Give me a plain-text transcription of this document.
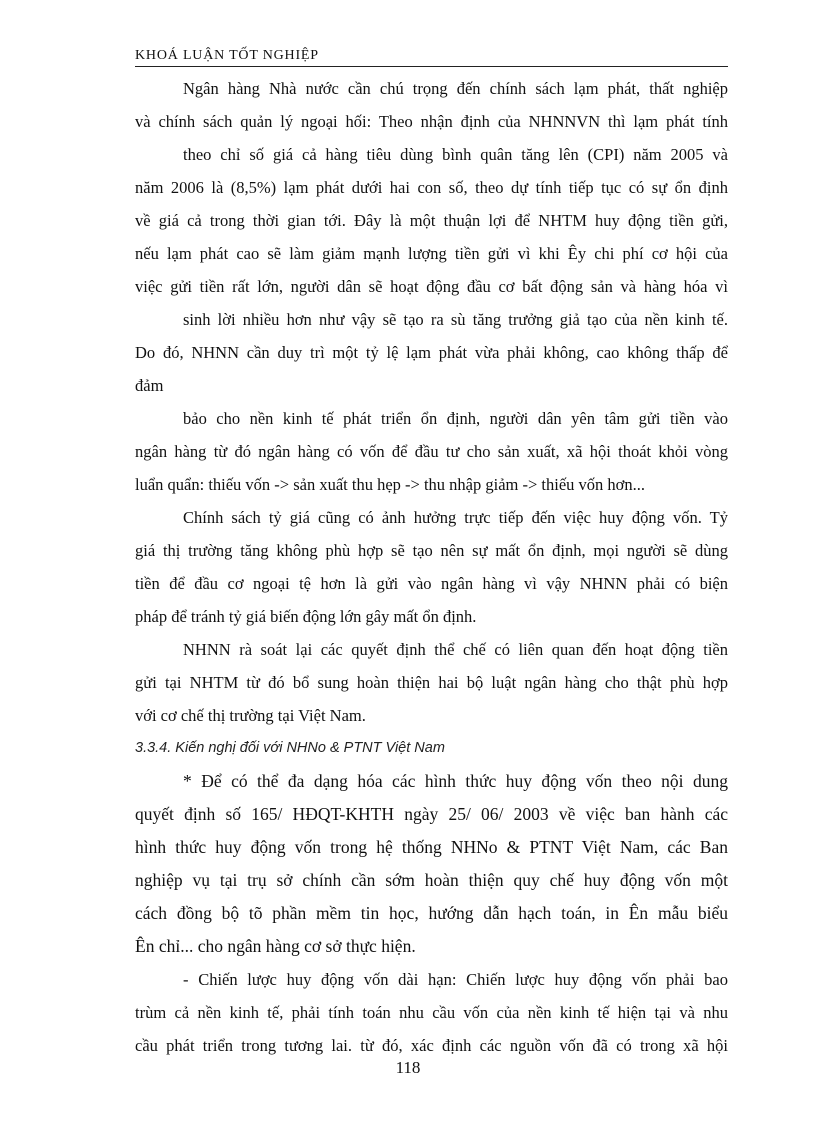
KHOÁ LUẬN TỐT NGHIỆP
Ngân hàng Nhà nước cần chú trọng đến chính sách lạm phát, thất nghiệp
và chính sách quản lý ngoại hối: Theo nhận định của NHNNVN thì lạm phát tính
theo chỉ số giá cả hàng tiêu dùng bình quân tăng lên (CPI) năm 2005 và
năm 2006 là (8,5%) lạm phát dưới hai con số, theo dự tính tiếp tục có sự ổn định
về giá cả trong thời gian tới. Đây là một thuận lợi để NHTM huy động tiền gửi,
nếu lạm phát cao sẽ làm giảm mạnh lượng tiền gửi vì khi Êy chi phí cơ hội của
việc gửi tiền rất lớn, người dân sẽ hoạt động đầu cơ bất động sản và hàng hóa vì
sinh lời nhiều hơn như vậy sẽ tạo ra sù tăng trưởng giả tạo của nền kinh tế.
Do đó, NHNN cần duy trì một tỷ lệ lạm phát vừa phải không, cao không thấp để
đảm
bảo cho nền kinh tế phát triển ổn định, người dân yên tâm gửi tiền vào
ngân hàng từ đó ngân hàng có vốn để đầu tư cho sản xuất, xã hội thoát khỏi vòng
luẩn quẩn: thiếu vốn -> sản xuất thu hẹp -> thu nhập giảm -> thiếu vốn hơn...
Chính sách tỷ giá cũng có ảnh hưởng trực tiếp đến việc huy động vốn. Tỷ
giá thị trường tăng không phù hợp sẽ tạo nên sự mất ổn định, mọi người sẽ dùng
tiền để đầu cơ ngoại tệ hơn là gửi vào ngân hàng vì vậy NHNN phải có biện
pháp để tránh tỷ giá biến động lớn gây mất ổn định.
NHNN rà soát lại các quyết định thể chế có liên quan đến hoạt động tiền
gửi tại NHTM từ đó bổ sung hoàn thiện hai bộ luật ngân hàng cho thật phù hợp
với cơ chế thị trường tại Việt Nam.
3.3.4. Kiến nghị đối với NHNo & PTNT Việt Nam
* Để có thể đa dạng hóa các hình thức huy động vốn theo nội dung
quyết định số 165/ HĐQT-KHTH ngày 25/ 06/ 2003 về việc ban hành các
hình thức huy động vốn trong hệ thống NHNo & PTNT Việt Nam, các Ban
nghiệp vụ tại trụ sở chính cần sớm hoàn thiện quy chế huy động vốn một
cách đồng bộ tõ phần mềm tin học, hướng dẫn hạch toán, in Ên mẫu biểu
Ên chỉ... cho ngân hàng cơ sở thực hiện.
- Chiến lược huy động vốn dài hạn: Chiến lược huy động vốn phải bao
trùm cả nền kinh tế, phải tính toán nhu cầu vốn của nền kinh tế hiện tại và nhu
cầu phát triển trong tương lai. từ đó, xác định các nguồn vốn đã có trong xã hội
118
